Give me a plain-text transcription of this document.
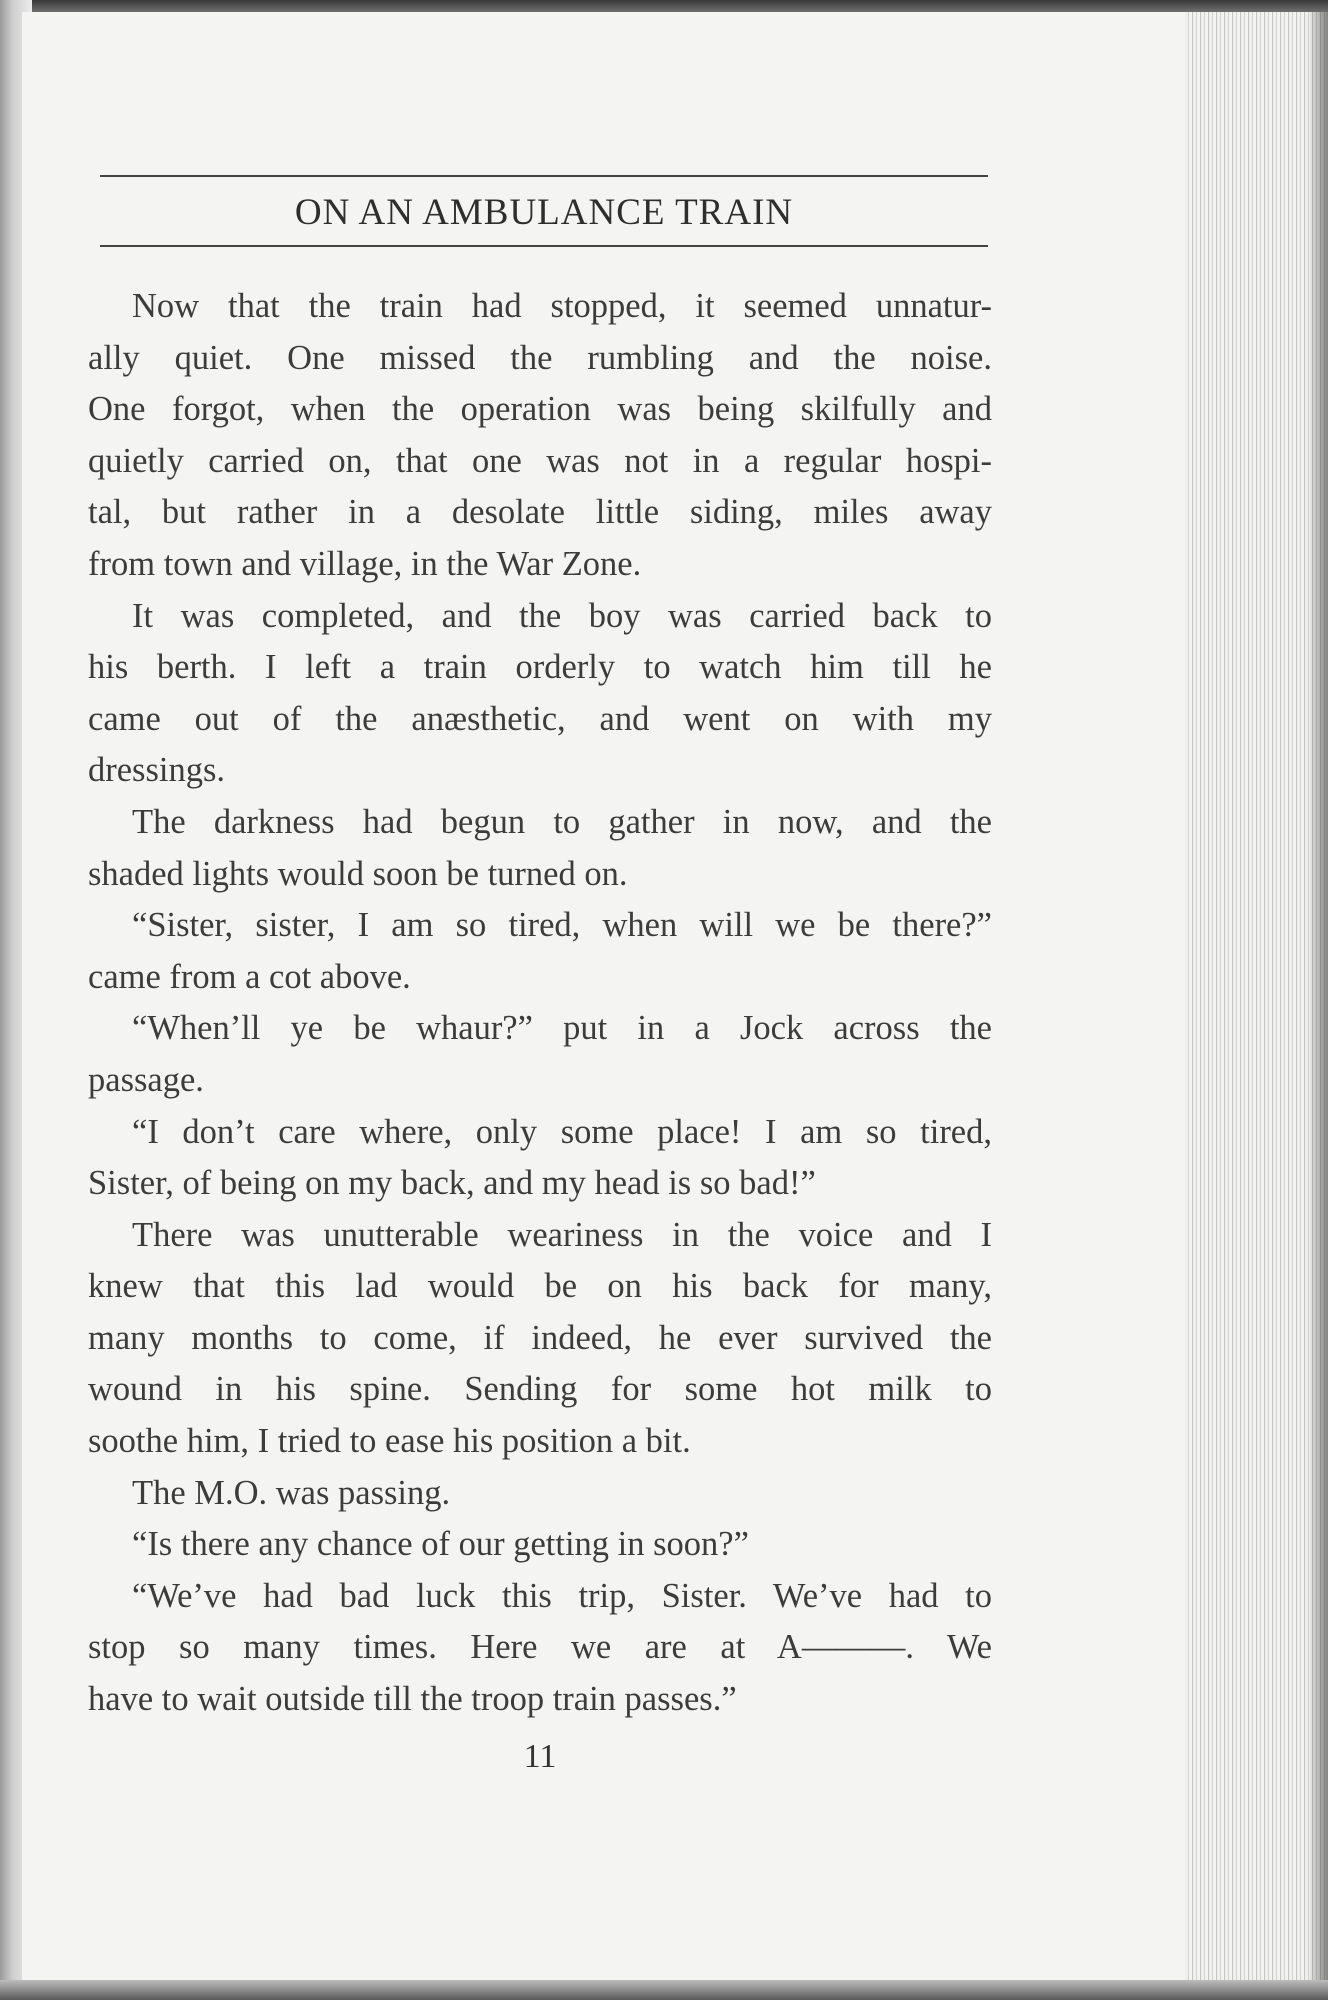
ON AN AMBULANCE TRAIN
Now that the train had stopped, it seemed unnatur-
ally quiet. One missed the rumbling and the noise.
One forgot, when the operation was being skilfully and
quietly carried on, that one was not in a regular hospi-
tal, but rather in a desolate little siding, miles away
from town and village, in the War Zone.
It was completed, and the boy was carried back to
his berth. I left a train orderly to watch him till he
came out of the anæsthetic, and went on with my
dressings.
The darkness had begun to gather in now, and the
shaded lights would soon be turned on.
“Sister, sister, I am so tired, when will we be there?”
came from a cot above.
“When’ll ye be whaur?” put in a Jock across the
passage.
“I don’t care where, only some place! I am so tired,
Sister, of being on my back, and my head is so bad!”
There was unutterable weariness in the voice and I
knew that this lad would be on his back for many,
many months to come, if indeed, he ever survived the
wound in his spine. Sending for some hot milk to
soothe him, I tried to ease his position a bit.
The M.O. was passing.
“Is there any chance of our getting in soon?”
“We’ve had bad luck this trip, Sister. We’ve had to
stop so many times. Here we are at A———. We
have to wait outside till the troop train passes.”
11
